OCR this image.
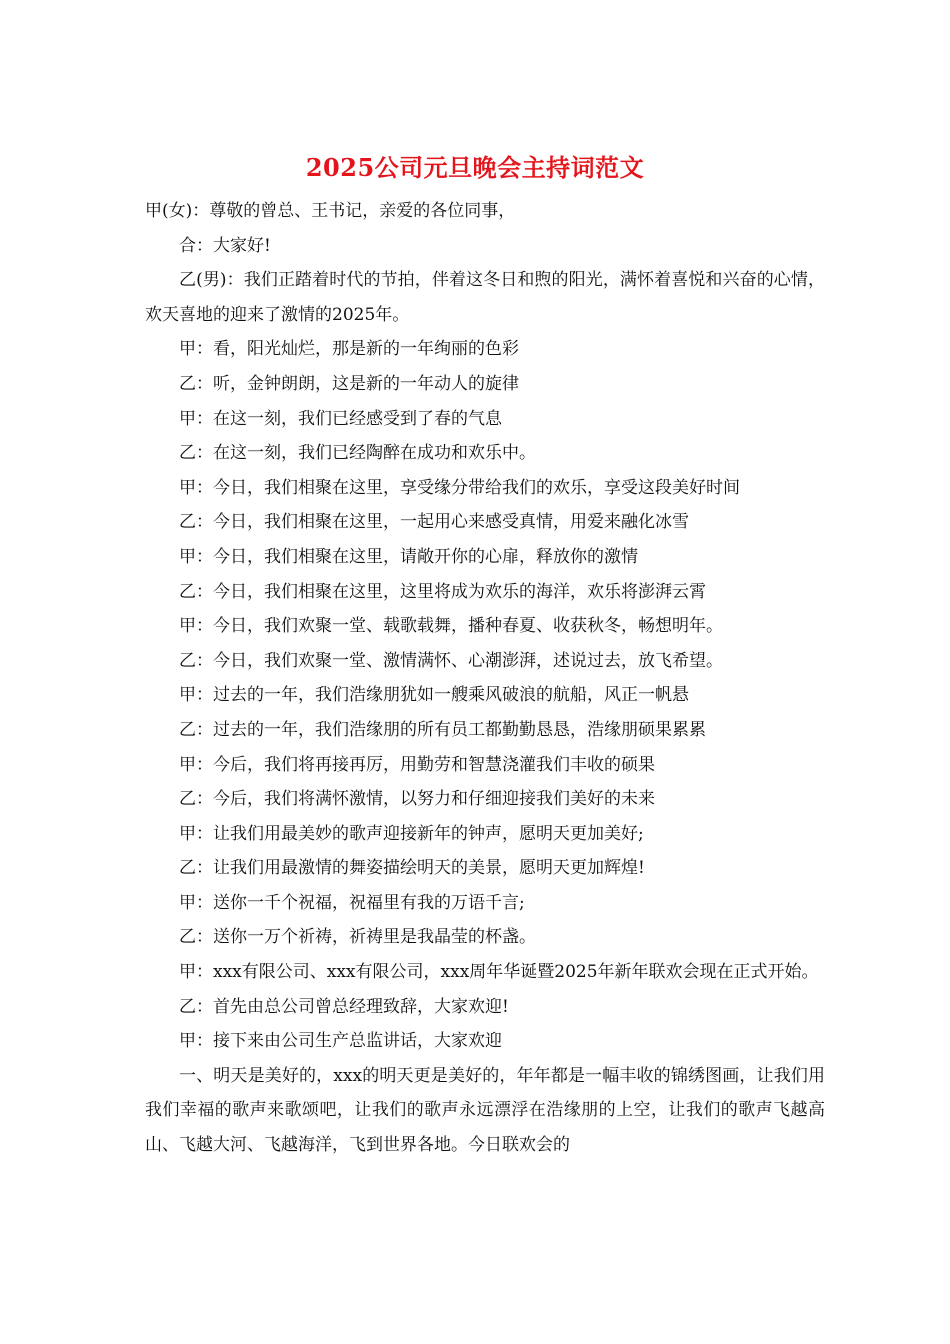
2025公司元旦晚会主持词范文

甲(女)：尊敬的曾总、王书记，亲爱的各位同事，

合：大家好!

乙(男)：我们正踏着时代的节拍，伴着这冬日和煦的阳光，满怀着喜悦和兴奋的心情，欢天喜地的迎来了激情的2025年。

甲：看，阳光灿烂，那是新的一年绚丽的色彩

乙：听，金钟朗朗，这是新的一年动人的旋律

甲：在这一刻，我们已经感受到了春的气息

乙：在这一刻，我们已经陶醉在成功和欢乐中。

甲：今日，我们相聚在这里，享受缘分带给我们的欢乐，享受这段美好时间

乙：今日，我们相聚在这里，一起用心来感受真情，用爱来融化冰雪

甲：今日，我们相聚在这里，请敞开你的心扉，释放你的激情

乙：今日，我们相聚在这里，这里将成为欢乐的海洋，欢乐将澎湃云霄

甲：今日，我们欢聚一堂、载歌载舞，播种春夏、收获秋冬，畅想明年。

乙：今日，我们欢聚一堂、激情满怀、心潮澎湃，述说过去，放飞希望。

甲：过去的一年，我们浩缘朋犹如一艘乘风破浪的航船，风正一帆悬

乙：过去的一年，我们浩缘朋的所有员工都勤勤恳恳，浩缘朋硕果累累

甲：今后，我们将再接再厉，用勤劳和智慧浇灌我们丰收的硕果

乙：今后，我们将满怀激情，以努力和仔细迎接我们美好的未来

甲：让我们用最美妙的歌声迎接新年的钟声，愿明天更加美好;

乙：让我们用最激情的舞姿描绘明天的美景，愿明天更加辉煌!

甲：送你一千个祝福，祝福里有我的万语千言;

乙：送你一万个祈祷，祈祷里是我晶莹的杯盏。

甲：xxx有限公司、xxx有限公司，xxx周年华诞暨2025年新年联欢会现在正式开始。

乙：首先由总公司曾总经理致辞，大家欢迎!

甲：接下来由公司生产总监讲话，大家欢迎

一、明天是美好的，xxx的明天更是美好的，年年都是一幅丰收的锦绣图画，让我们用我们幸福的歌声来歌颂吧，让我们的歌声永远漂浮在浩缘朋的上空，让我们的歌声飞越高山、飞越大河、飞越海洋，飞到世界各地。今日联欢会的
